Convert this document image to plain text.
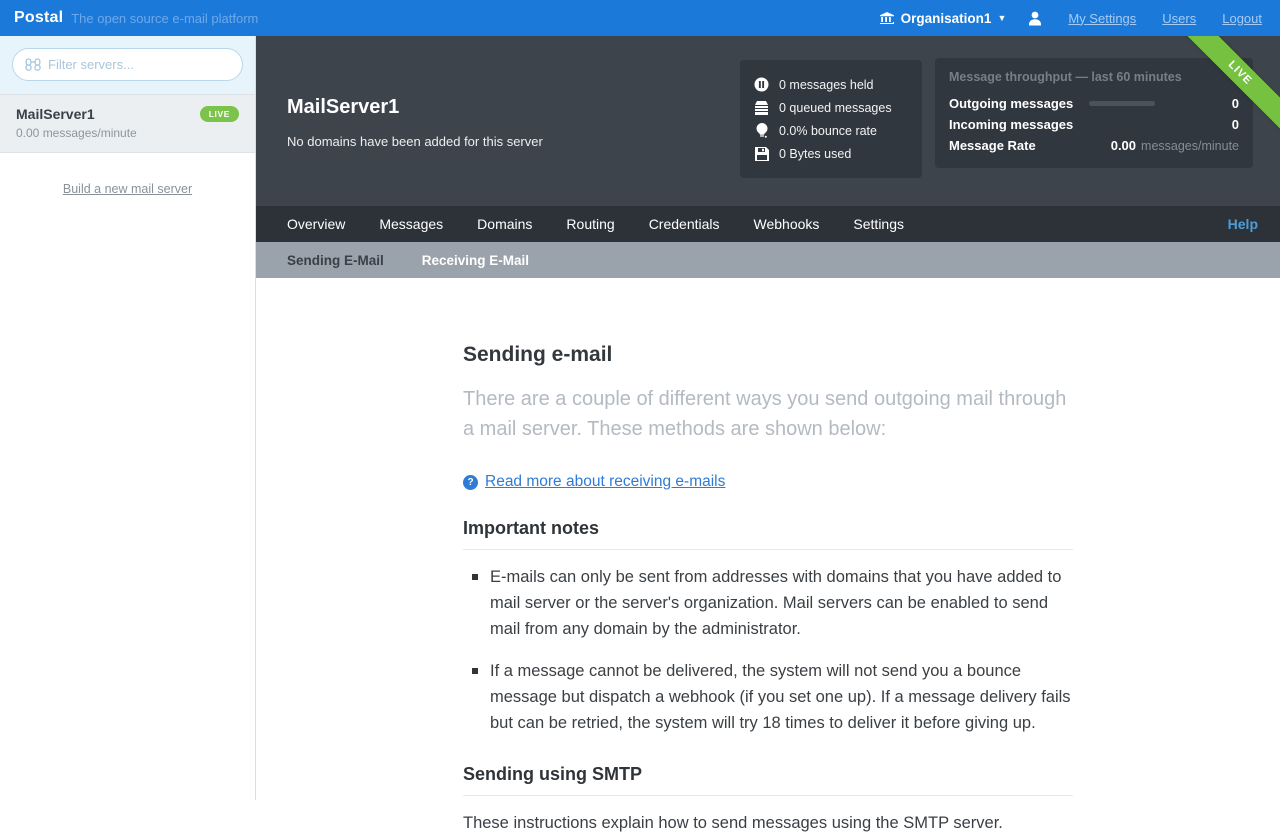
Postal The open source e-mail platform	Organisation1 ▼	My Settings Users Logout
Filter servers...
MailServer1	LIVE
0.00 messages/minute
Build a new mail server
MailServer1
No domains have been added for this server
0 messages held
0 queued messages
0.0% bounce rate
0 Bytes used
Message throughput — last 60 minutes
Outgoing messages	0
Incoming messages	0
Message Rate	0.00 messages/minute
LIVE
Overview Messages Domains Routing Credentials Webhooks Settings	Help
Sending E-Mail	Receiving E-Mail
Sending e-mail

There are a couple of different ways you send outgoing mail through a mail server. These methods are shown below:

? Read more about receiving e-mails
Important notes
E-mails can only be sent from addresses with domains that you have added to mail server or the server's organization. Mail servers can be enabled to send mail from any domain by the administrator.
If a message cannot be delivered, the system will not send you a bounce message but dispatch a webhook (if you set one up). If a message delivery fails but can be retried, the system will try 18 times to deliver it before giving up.
Sending using SMTP

These instructions explain how to send messages using the SMTP server.
